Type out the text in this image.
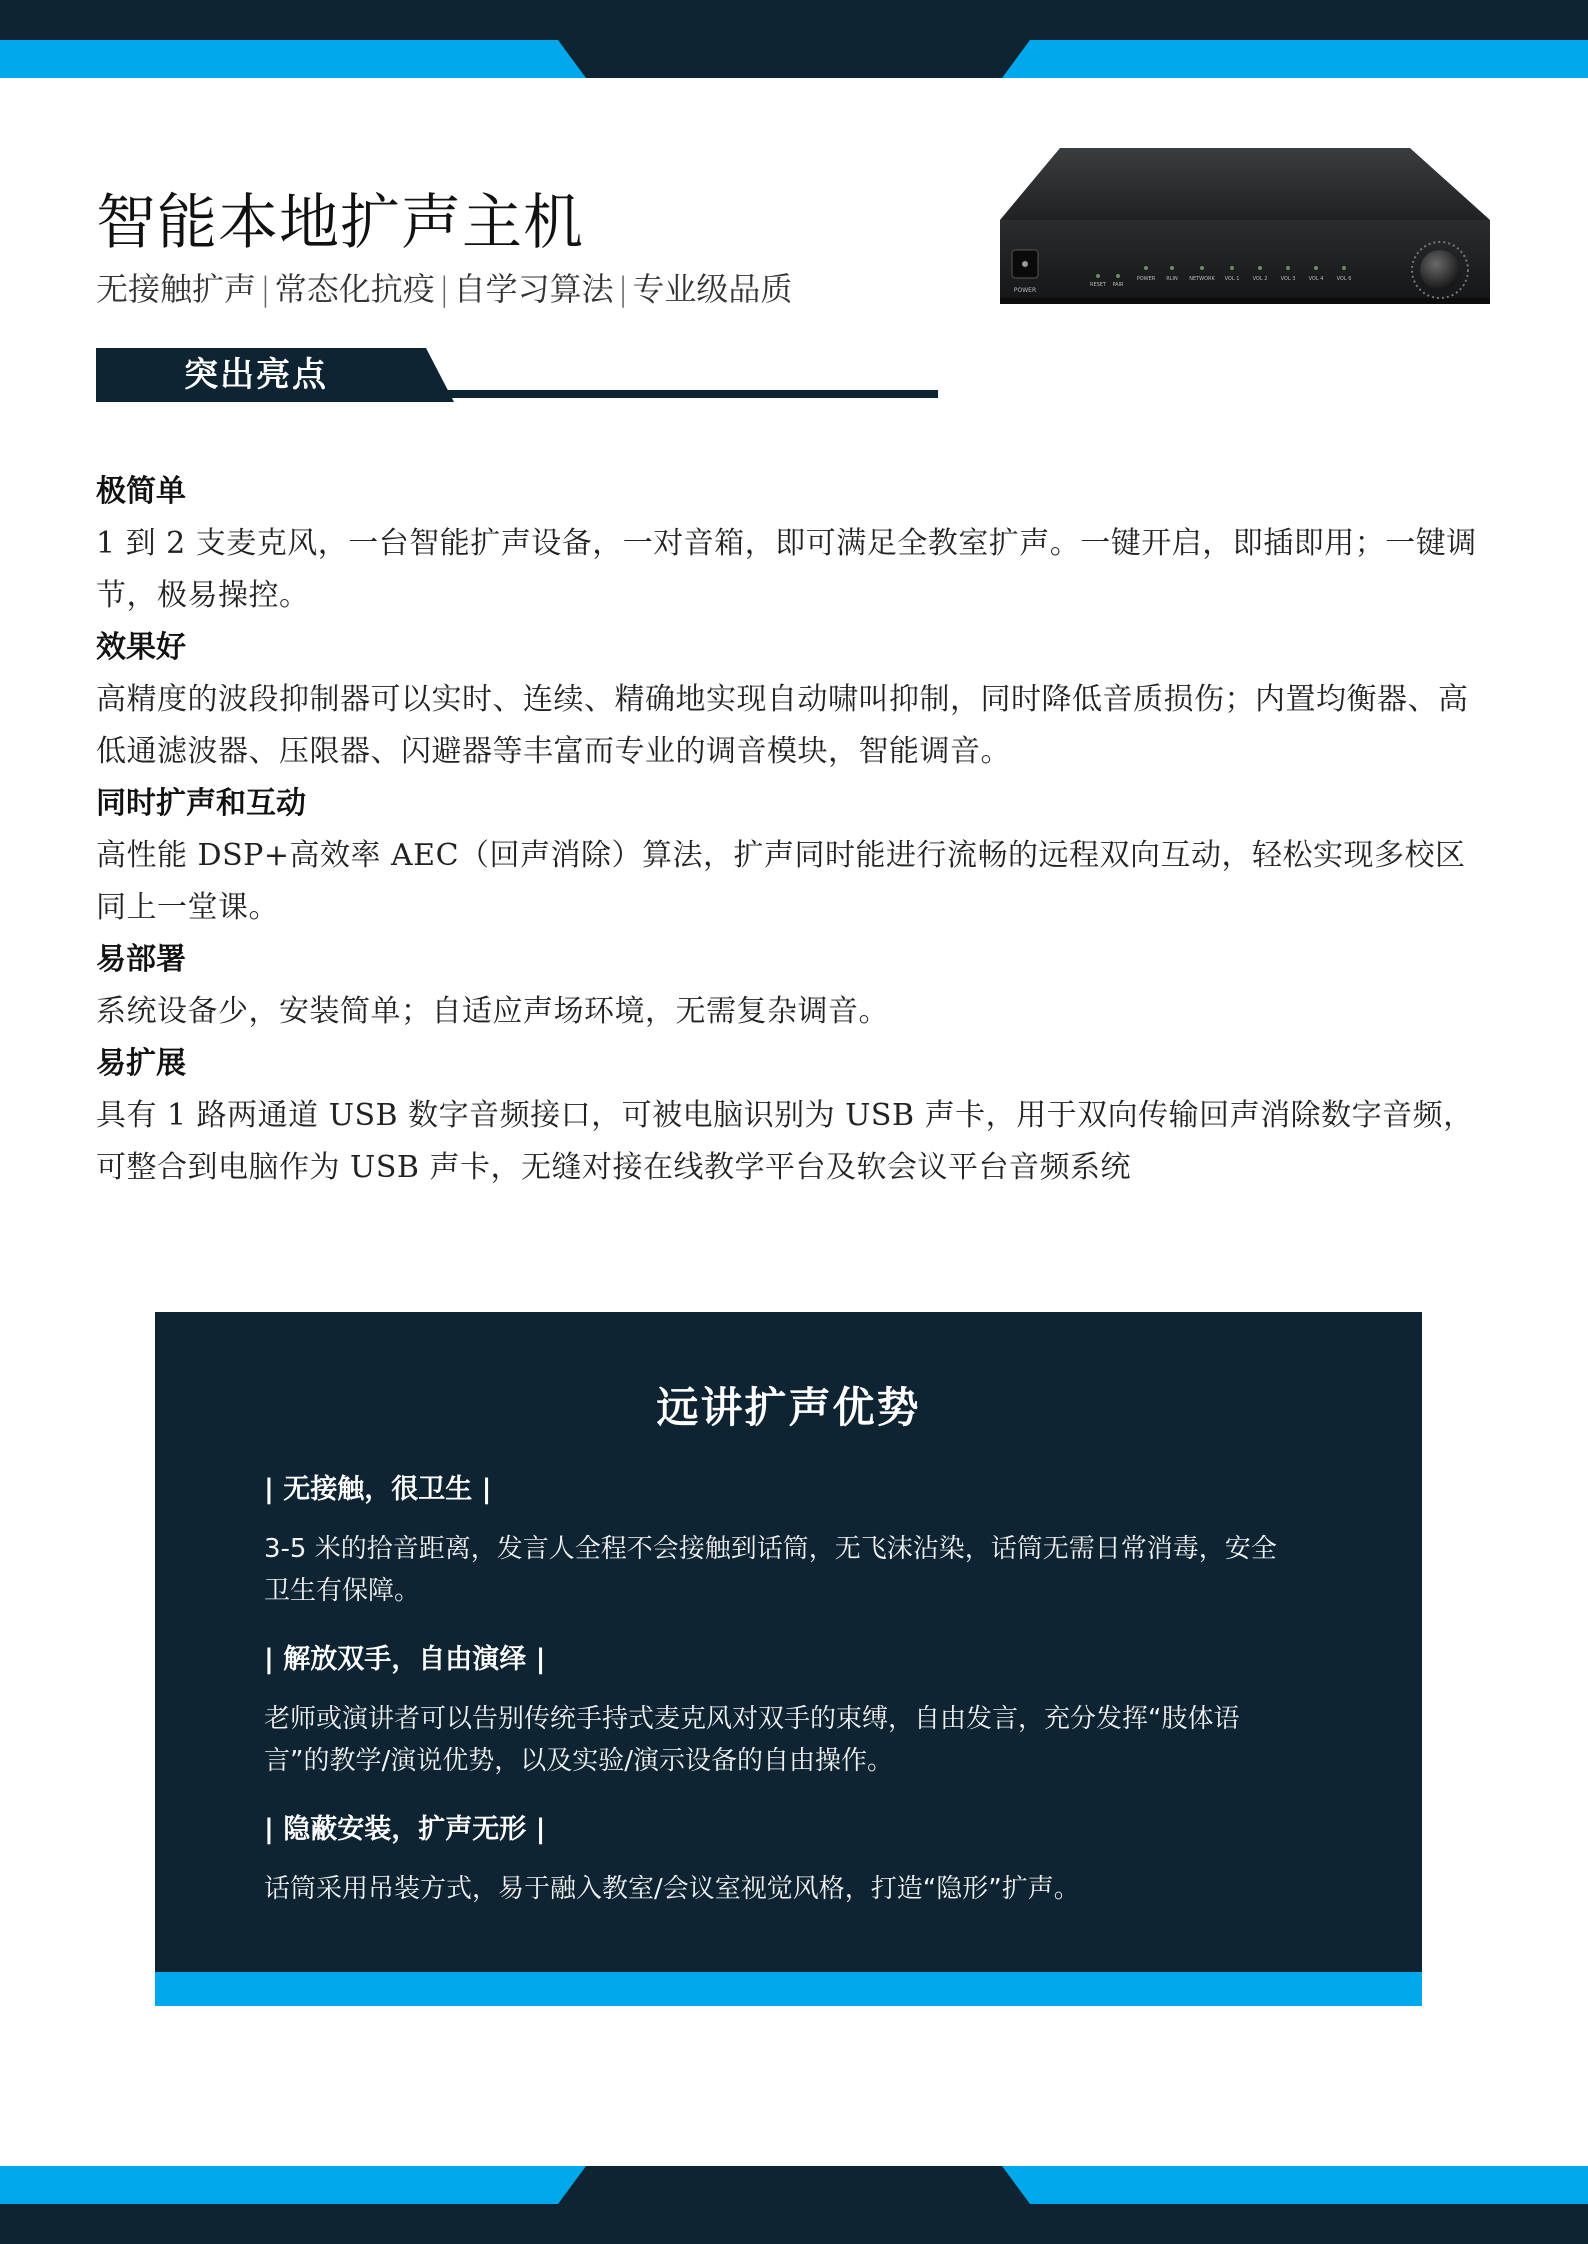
智能本地扩声主机
无接触扩声 | 常态化抗疫 | 自学习算法 | 专业级品质	POWER
RESET PAIR
POWER RLIN NETWORK VOL 1	VOL 2	VOL 3	VOL 4	VOL 6
突出亮点

极简单

1 到 2 支麦克风，一台智能扩声设备，一对音箱，即可满足全教室扩声。一键开启，即插即用；一键调节，极易操控。

效果好

高精度的波段抑制器可以实时、连续、精确地实现自动啸叫抑制，同时降低音质损伤；内置均衡器、高低通滤波器、压限器、闪避器等丰富而专业的调音模块，智能调音。

同时扩声和互动

高性能 DSP+高效率 AEC（回声消除）算法，扩声同时能进行流畅的远程双向互动，轻松实现多校区同上一堂课。

易部署

系统设备少，安装简单；自适应声场环境，无需复杂调音。

易扩展

具有 1 路两通道 USB 数字音频接口，可被电脑识别为 USB 声卡，用于双向传输回声消除数字音频，可整合到电脑作为 USB 声卡，无缝对接在线教学平台及软会议平台音频系统

远讲扩声优势

| 无接触，很卫生 |

3-5 米的拾音距离，发言人全程不会接触到话筒，无飞沫沾染，话筒无需日常消毒，安全卫生有保障。

| 解放双手，自由演绎 |

老师或演讲者可以告别传统手持式麦克风对双手的束缚，自由发言，充分发挥“肢体语言”的教学/演说优势，以及实验/演示设备的自由操作。

| 隐蔽安装，扩声无形 |

话筒采用吊装方式，易于融入教室/会议室视觉风格，打造“隐形”扩声。
